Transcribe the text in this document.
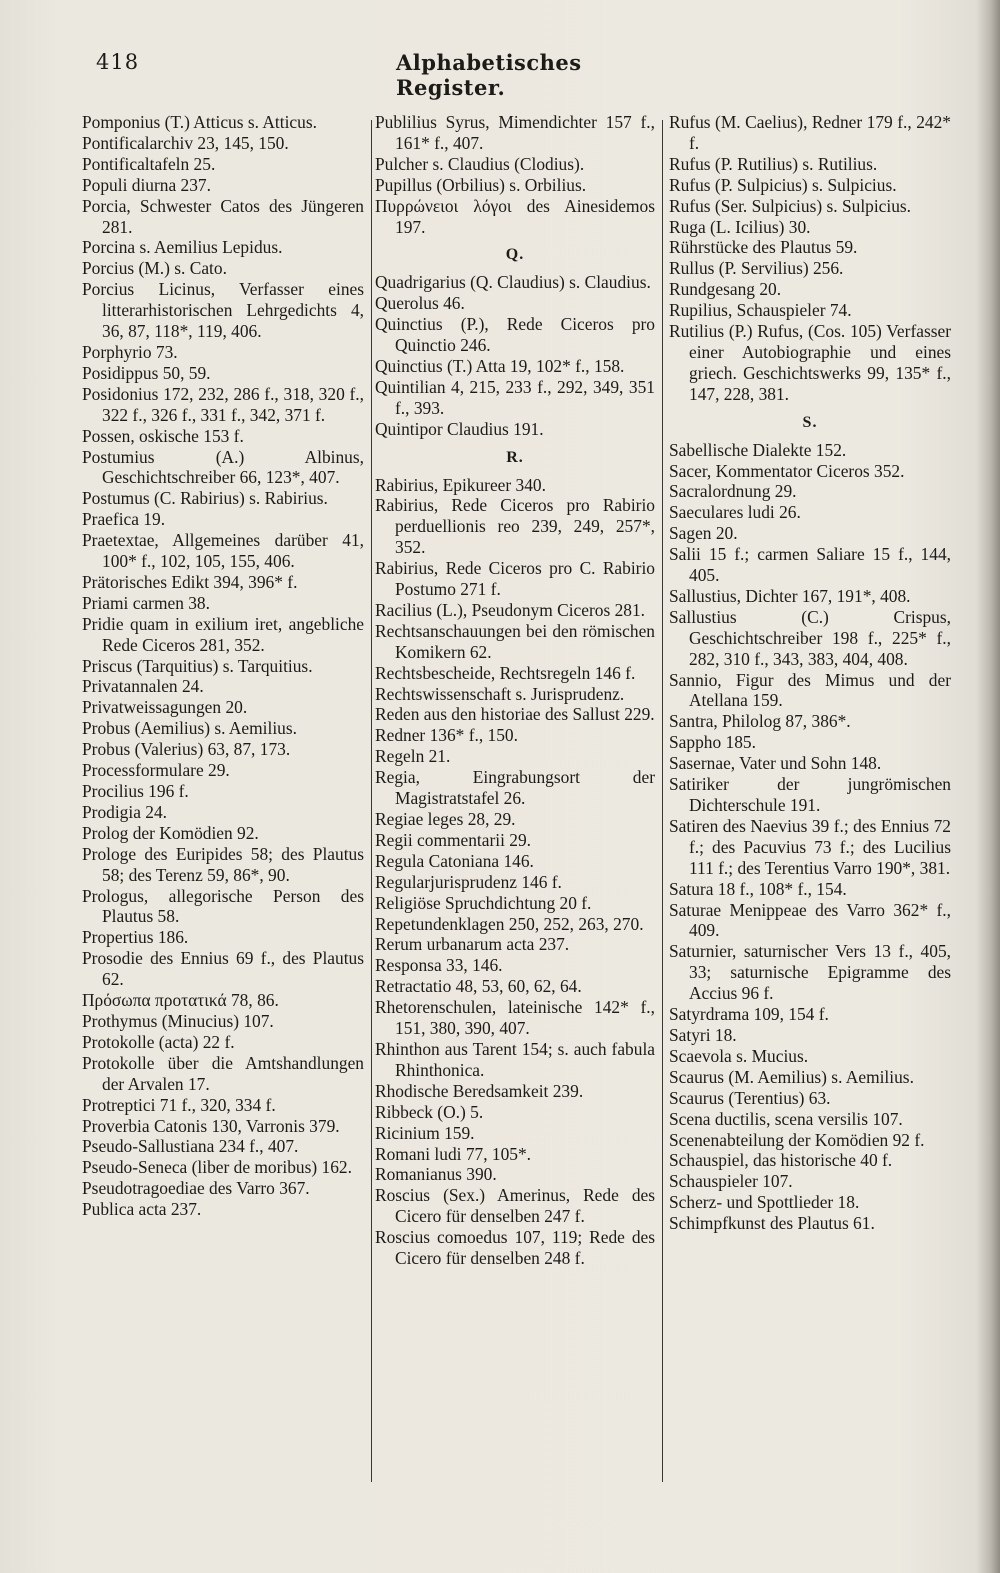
418	Alphabetisches Register.

Pomponius (T.) Atticus s. Atticus.

Pontificalarchiv 23, 145, 150.

Pontificaltafeln 25.

Populi diurna 237.

Porcia, Schwester Catos des Jüngeren 281.

Porcina s. Aemilius Lepidus.

Porcius (M.) s. Cato.

Porcius Licinus, Verfasser eines litterarhistorischen Lehrgedichts 4, 36, 87, 118*, 119, 406.

Porphyrio 73.

Posidippus 50, 59.

Posidonius 172, 232, 286 f., 318, 320 f., 322 f., 326 f., 331 f., 342, 371 f.

Possen, oskische 153 f.

Postumius (A.) Albinus, Geschichtschreiber 66, 123*, 407.

Postumus (C. Rabirius) s. Rabirius.

Praefica 19.

Praetextae, Allgemeines darüber 41, 100* f., 102, 105, 155, 406.

Prätorisches Edikt 394, 396* f.

Priami carmen 38.

Pridie quam in exilium iret, angebliche Rede Ciceros 281, 352.

Priscus (Tarquitius) s. Tarquitius.

Privatannalen 24.

Privatweissagungen 20.

Probus (Aemilius) s. Aemilius.

Probus (Valerius) 63, 87, 173.

Processformulare 29.

Procilius 196 f.

Prodigia 24.

Prolog der Komödien 92.

Prologe des Euripides 58; des Plautus 58; des Terenz 59, 86*, 90.

Prologus, allegorische Person des Plautus 58.

Propertius 186.

Prosodie des Ennius 69 f., des Plautus 62.

Πρόσωπα προτατικά 78, 86.

Prothymus (Minucius) 107.

Protokolle (acta) 22 f.

Protokolle über die Amtshandlungen der Arvalen 17.

Protreptici 71 f., 320, 334 f.

Proverbia Catonis 130, Varronis 379.

Pseudo-Sallustiana 234 f., 407.

Pseudo-Seneca (liber de moribus) 162.

Pseudotragoediae des Varro 367.

Publica acta 237.

Publilius Syrus, Mimendichter 157 f., 161* f., 407.

Pulcher s. Claudius (Clodius).

Pupillus (Orbilius) s. Orbilius.

Πυρρώνειοι λόγοι des Ainesidemos 197.

Q.

Quadrigarius (Q. Claudius) s. Claudius.

Querolus 46.

Quinctius (P.), Rede Ciceros pro Quinctio 246.

Quinctius (T.) Atta 19, 102* f., 158.

Quintilian 4, 215, 233 f., 292, 349, 351 f., 393.

Quintipor Claudius 191.

R.

Rabirius, Epikureer 340.

Rabirius, Rede Ciceros pro Rabirio perduellionis reo 239, 249, 257*, 352.

Rabirius, Rede Ciceros pro C. Rabirio Postumo 271 f.

Racilius (L.), Pseudonym Ciceros 281.

Rechtsanschauungen bei den römischen Komikern 62.

Rechtsbescheide, Rechtsregeln 146 f.

Rechtswissenschaft s. Jurisprudenz.

Reden aus den historiae des Sallust 229.

Redner 136* f., 150.

Regeln 21.

Regia, Eingrabungsort der Magistratstafel 26.

Regiae leges 28, 29.

Regii commentarii 29.

Regula Catoniana 146.

Regularjurisprudenz 146 f.

Religiöse Spruchdichtung 20 f.

Repetundenklagen 250, 252, 263, 270.

Rerum urbanarum acta 237.

Responsa 33, 146.

Retractatio 48, 53, 60, 62, 64.

Rhetorenschulen, lateinische 142* f., 151, 380, 390, 407.

Rhinthon aus Tarent 154; s. auch fabula Rhinthonica.

Rhodische Beredsamkeit 239.

Ribbeck (O.) 5.

Ricinium 159.

Romani ludi 77, 105*.

Romanianus 390.

Roscius (Sex.) Amerinus, Rede des Cicero für denselben 247 f.

Roscius comoedus 107, 119; Rede des Cicero für denselben 248 f.

Rufus (M. Caelius), Redner 179 f., 242* f.

Rufus (P. Rutilius) s. Rutilius.

Rufus (P. Sulpicius) s. Sulpicius.

Rufus (Ser. Sulpicius) s. Sulpicius.

Ruga (L. Icilius) 30.

Rührstücke des Plautus 59.

Rullus (P. Servilius) 256.

Rundgesang 20.

Rupilius, Schauspieler 74.

Rutilius (P.) Rufus, (Cos. 105) Verfasser einer Autobiographie und eines griech. Geschichtswerks 99, 135* f., 147, 228, 381.

S.

Sabellische Dialekte 152.

Sacer, Kommentator Ciceros 352.

Sacralordnung 29.

Saeculares ludi 26.

Sagen 20.

Salii 15 f.; carmen Saliare 15 f., 144, 405.

Sallustius, Dichter 167, 191*, 408.

Sallustius (C.) Crispus, Geschichtschreiber 198 f., 225* f., 282, 310 f., 343, 383, 404, 408.

Sannio, Figur des Mimus und der Atellana 159.

Santra, Philolog 87, 386*.

Sappho 185.

Sasernae, Vater und Sohn 148.

Satiriker der jungrömischen Dichterschule 191.

Satiren des Naevius 39 f.; des Ennius 72 f.; des Pacuvius 73 f.; des Lucilius 111 f.; des Terentius Varro 190*, 381.

Satura 18 f., 108* f., 154.

Saturae Menippeae des Varro 362* f., 409.

Saturnier, saturnischer Vers 13 f., 405, 33; saturnische Epigramme des Accius 96 f.

Satyrdrama 109, 154 f.

Satyri 18.

Scaevola s. Mucius.

Scaurus (M. Aemilius) s. Aemilius.

Scaurus (Terentius) 63.

Scena ductilis, scena versilis 107.

Scenenabteilung der Komödien 92 f.

Schauspiel, das historische 40 f.

Schauspieler 107.

Scherz- und Spottlieder 18.

Schimpfkunst des Plautus 61.
